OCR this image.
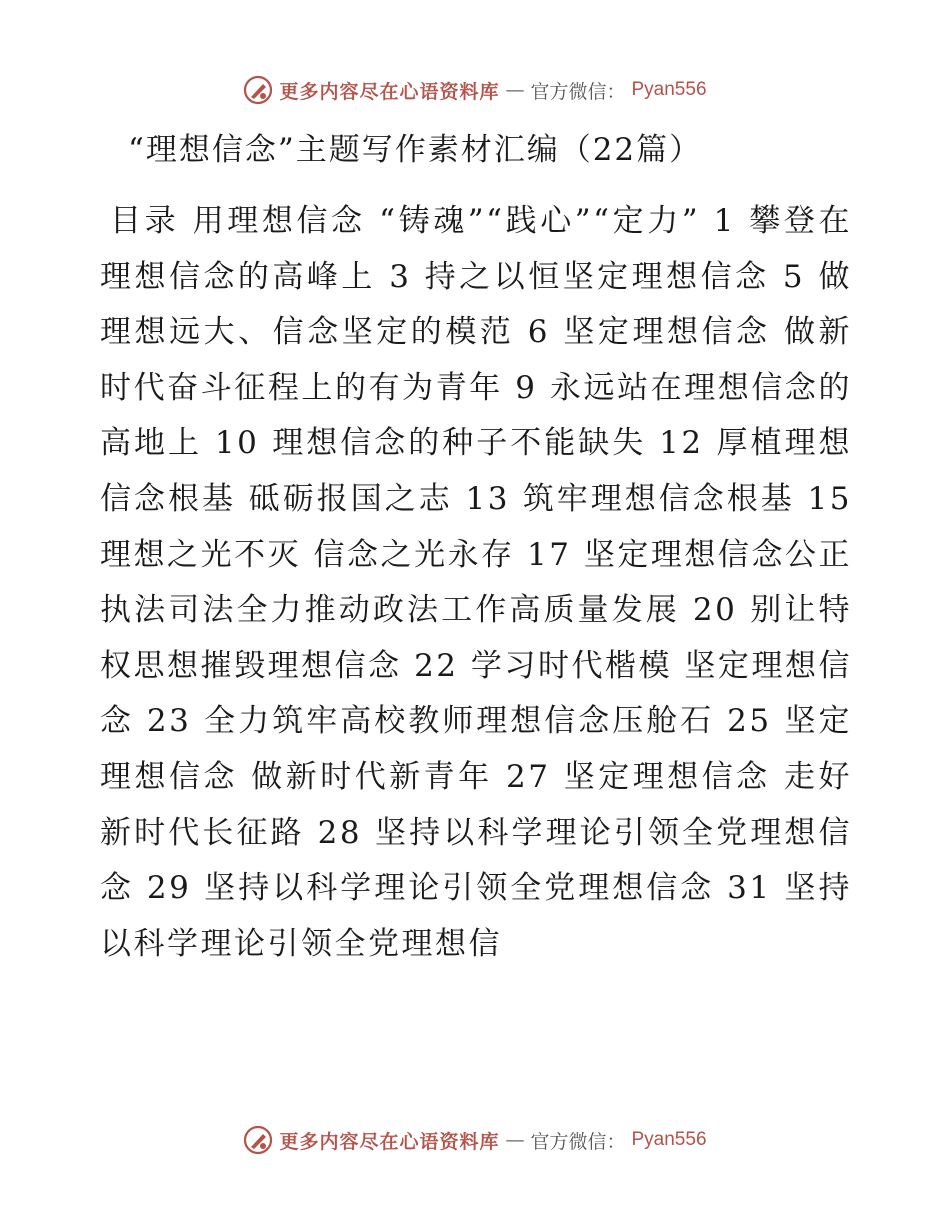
更多内容尽在心语资料库 — 官方微信： Pyan556
“理想信念”主题写作素材汇编（22篇）

目录 用理想信念 “铸魂”“践心”“定力” 1 攀登在理想信念的高峰上 3 持之以恒坚定理想信念 5 做理想远大、信念坚定的模范 6 坚定理想信念 做新时代奋斗征程上的有为青年 9 永远站在理想信念的高地上 10 理想信念的种子不能缺失 12 厚植理想信念根基 砥砺报国之志 13 筑牢理想信念根基 15 理想之光不灭 信念之光永存 17 坚定理想信念公正执法司法全力推动政法工作高质量发展 20 别让特权思想摧毁理想信念 22 学习时代楷模 坚定理想信念 23 全力筑牢高校教师理想信念压舱石 25 坚定理想信念 做新时代新青年 27 坚定理想信念 走好新时代长征路 28 坚持以科学理论引领全党理想信念 29 坚持以科学理论引领全党理想信念 31 坚持以科学理论引领全党理想信

更多内容尽在心语资料库 — 官方微信： Pyan556
